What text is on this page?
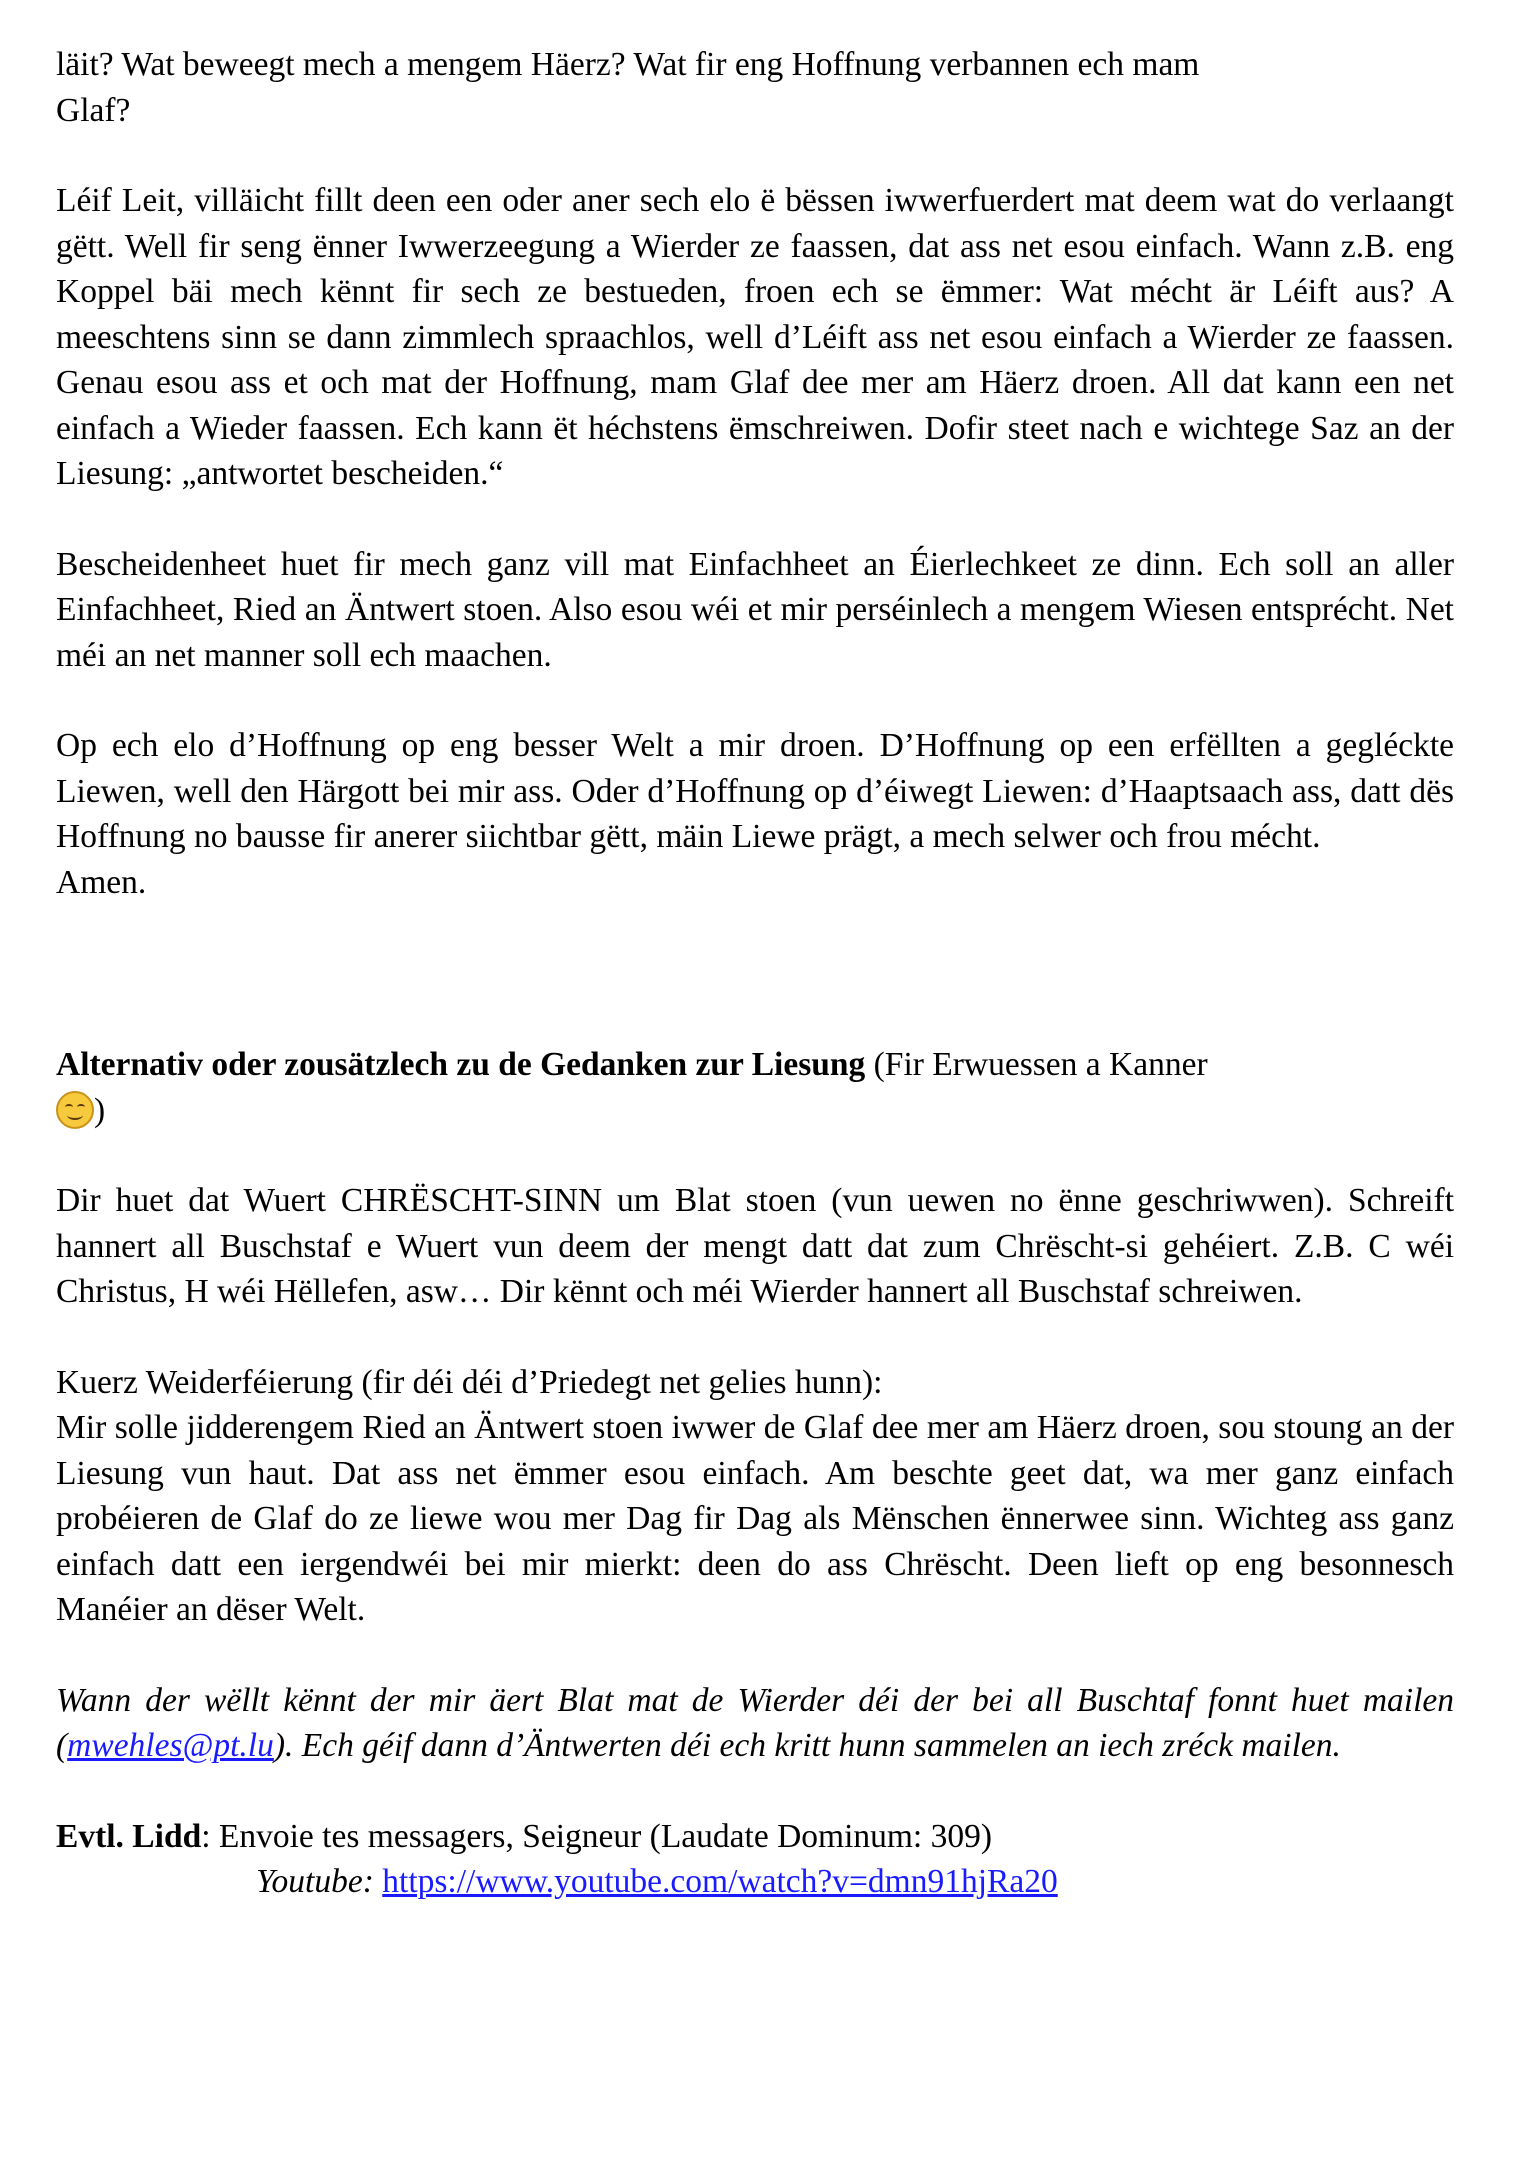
läit? Wat beweegt mech a mengem Häerz? Wat fir eng Hoffnung verbannen ech mam
Glaf?

Léif Leit, villäicht fillt deen een oder aner sech elo ë bëssen iwwerfuerdert mat deem wat do verlaangt gëtt. Well fir seng ënner Iwwerzeegung a Wierder ze faassen, dat ass net esou einfach. Wann z.B. eng Koppel bäi mech kënnt fir sech ze bestueden, froen ech se ëmmer: Wat mécht är Léift aus? A meeschtens sinn se dann zimmlech spraachlos, well d’Léift ass net esou einfach a Wierder ze faassen. Genau esou ass et och mat der Hoffnung, mam Glaf dee mer am Häerz droen. All dat kann een net einfach a Wieder faassen. Ech kann ët héchstens ëmschreiwen. Dofir steet nach e wichtege Saz an der Liesung: „antwortet bescheiden.“

Bescheidenheet huet fir mech ganz vill mat Einfachheet an Éierlechkeet ze dinn. Ech soll an aller Einfachheet, Ried an Äntwert stoen. Also esou wéi et mir perséinlech a mengem Wiesen entsprécht. Net méi an net manner soll ech maachen.

Op ech elo d’Hoffnung op eng besser Welt a mir droen. D’Hoffnung op een erfëllten a gegléckte Liewen, well den Härgott bei mir ass. Oder d’Hoffnung op d’éiwegt Liewen: d’Haaptsaach ass, datt dës Hoffnung no bausse fir anerer siichtbar gëtt, mäin Liewe prägt, a mech selwer och frou mécht.

Amen.

Alternativ oder zousätzlech zu de Gedanken zur Liesung (Fir Erwuessen a Kanner

)

Dir huet dat Wuert CHRËSCHT-SINN um Blat stoen (vun uewen no ënne geschriwwen). Schreift hannert all Buschstaf e Wuert vun deem der mengt datt dat zum Chrëscht-si gehéiert. Z.B. C wéi Christus, H wéi Hëllefen, asw… Dir kënnt och méi Wierder hannert all Buschstaf schreiwen.

Kuerz Weiderféierung (fir déi déi d’Priedegt net gelies hunn):

Mir solle jidderengem Ried an Äntwert stoen iwwer de Glaf dee mer am Häerz droen, sou stoung an der Liesung vun haut. Dat ass net ëmmer esou einfach. Am beschte geet dat, wa mer ganz einfach probéieren de Glaf do ze liewe wou mer Dag fir Dag als Mënschen ënnerwee sinn. Wichteg ass ganz einfach datt een iergendwéi bei mir mierkt: deen do ass Chrëscht. Deen lieft op eng besonnesch Manéier an dëser Welt.

Wann der wëllt kënnt der mir äert Blat mat de Wierder déi der bei all Buschtaf fonnt huet mailen (mwehles@pt.lu). Ech géif dann d’Äntwerten déi ech kritt hunn sammelen an iech zréck mailen.

Evtl. Lidd: Envoie tes messagers, Seigneur (Laudate Dominum: 309)

Youtube: https://www.youtube.com/watch?v=dmn91hjRa20
